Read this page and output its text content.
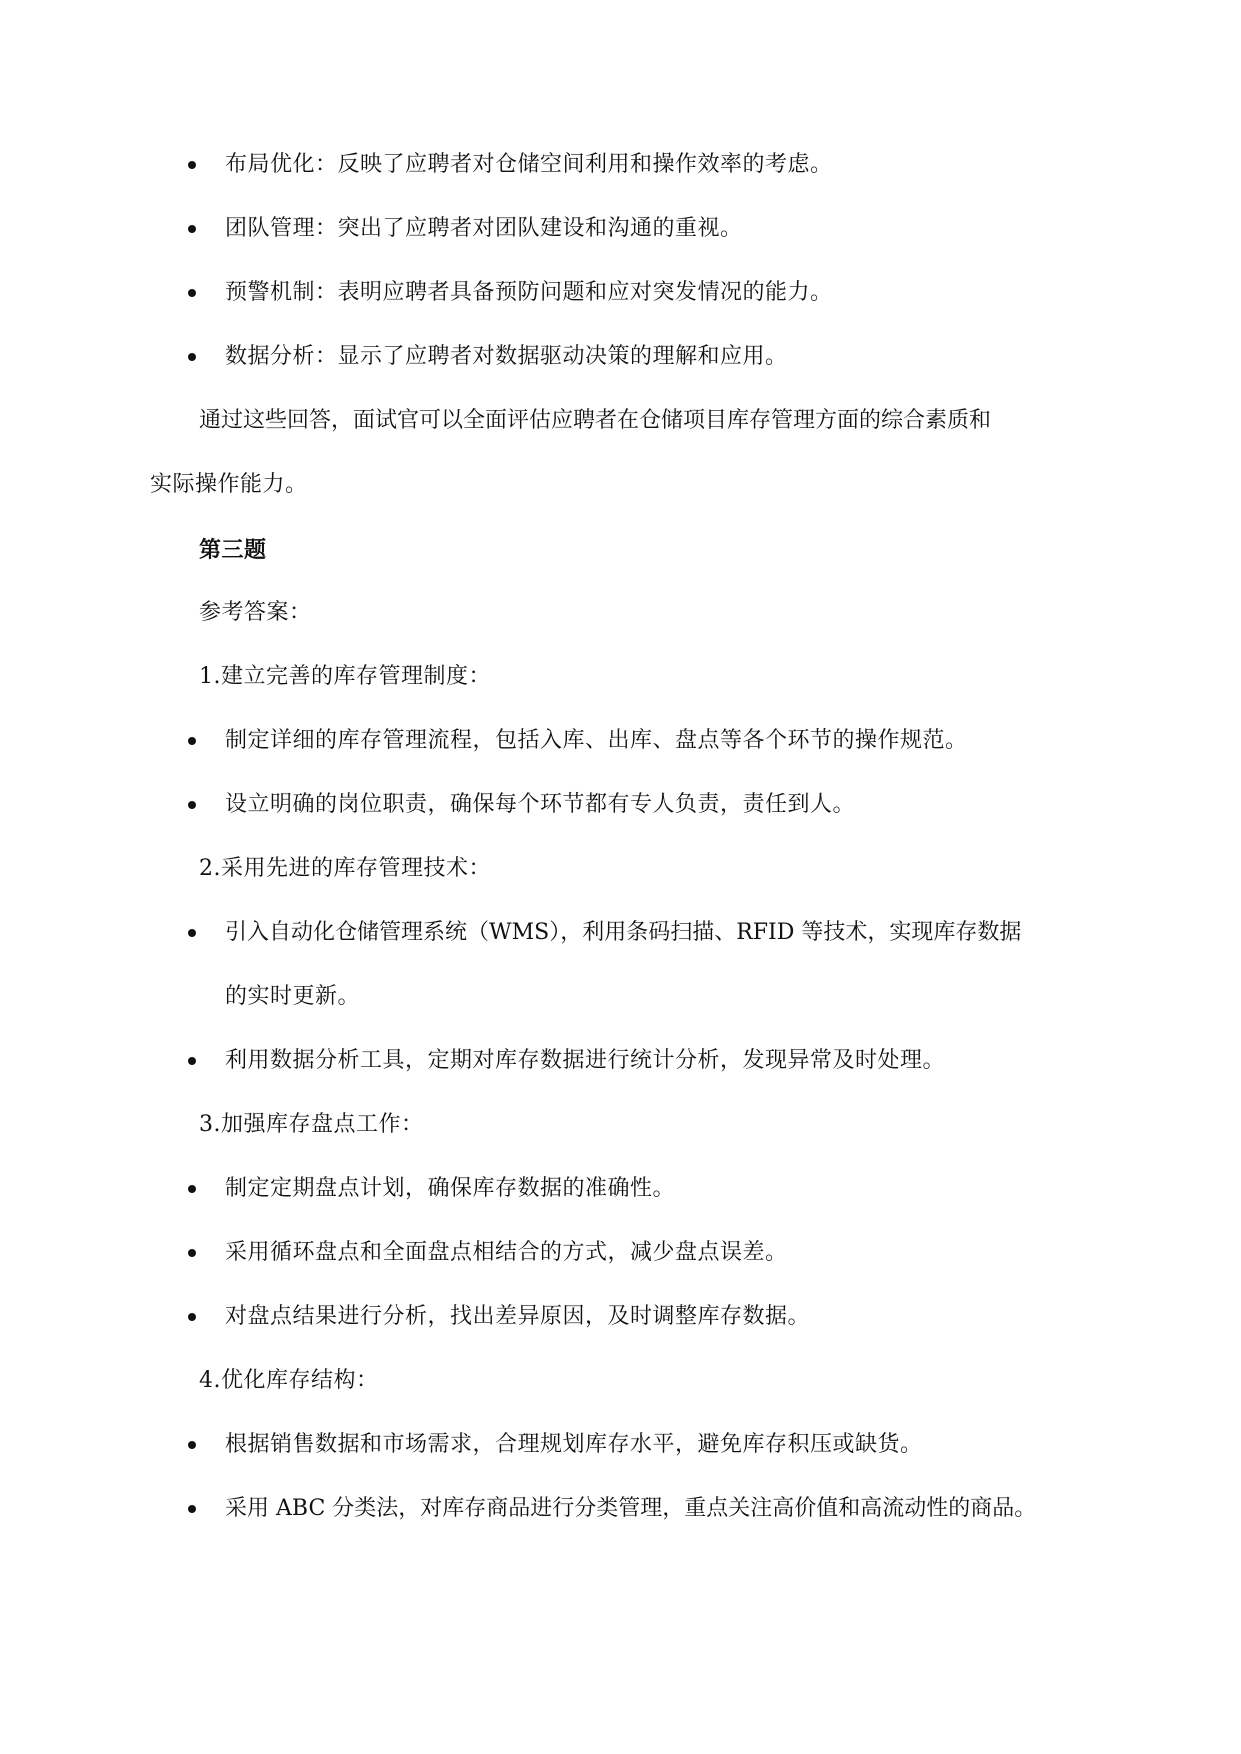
布局优化：反映了应聘者对仓储空间利用和操作效率的考虑。
团队管理：突出了应聘者对团队建设和沟通的重视。
预警机制：表明应聘者具备预防问题和应对突发情况的能力。
数据分析：显示了应聘者对数据驱动决策的理解和应用。
通过这些回答，面试官可以全面评估应聘者在仓储项目库存管理方面的综合素质和
实际操作能力。
第三题
参考答案：
1.建立完善的库存管理制度：
制定详细的库存管理流程，包括入库、出库、盘点等各个环节的操作规范。
设立明确的岗位职责，确保每个环节都有专人负责，责任到人。
2.采用先进的库存管理技术：
引入自动化仓储管理系统（WMS），利用条码扫描、RFID 等技术，实现库存数据
的实时更新。
利用数据分析工具，定期对库存数据进行统计分析，发现异常及时处理。
3.加强库存盘点工作：
制定定期盘点计划，确保库存数据的准确性。
采用循环盘点和全面盘点相结合的方式，减少盘点误差。
对盘点结果进行分析，找出差异原因，及时调整库存数据。
4.优化库存结构：
根据销售数据和市场需求，合理规划库存水平，避免库存积压或缺货。
采用 ABC 分类法，对库存商品进行分类管理，重点关注高价值和高流动性的商品。
